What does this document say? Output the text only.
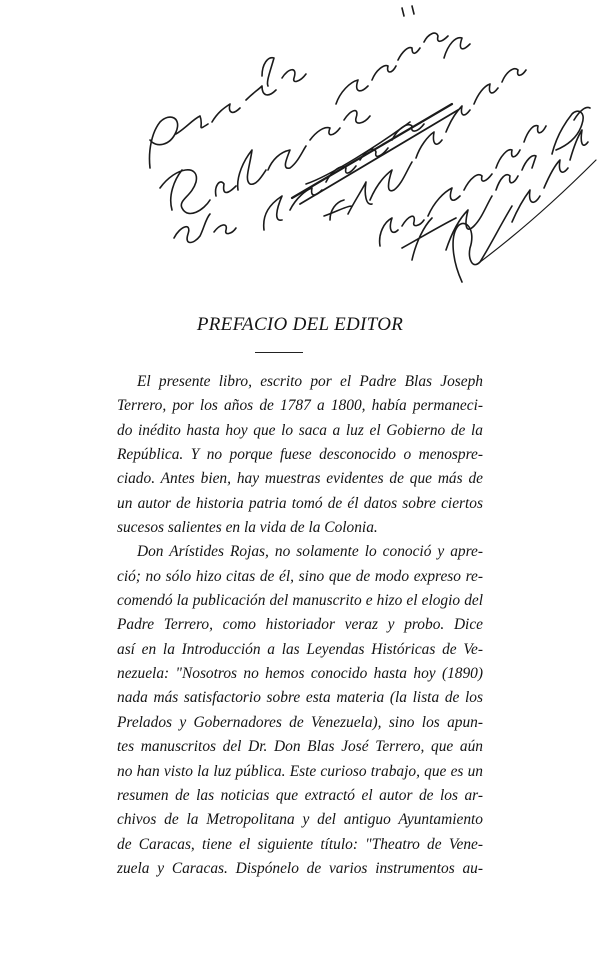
PREFACIO DEL EDITOR
El presente libro, escrito por el Padre Blas Joseph
Terrero, por los años de 1787 a 1800, había permaneci-
do inédito hasta hoy que lo saca a luz el Gobierno de la
República. Y no porque fuese desconocido o menospre-
ciado. Antes bien, hay muestras evidentes de que más de
un autor de historia patria tomó de él datos sobre ciertos
sucesos salientes en la vida de la Colonia.
Don Arístides Rojas, no solamente lo conoció y apre-
ció; no sólo hizo citas de él, sino que de modo expreso re-
comendó la publicación del manuscrito e hizo el elogio del
Padre Terrero, como historiador veraz y probo. Dice
así en la Introducción a las Leyendas Históricas de Ve-
nezuela: "Nosotros no hemos conocido hasta hoy (1890)
nada más satisfactorio sobre esta materia (la lista de los
Prelados y Gobernadores de Venezuela), sino los apun-
tes manuscritos del Dr. Don Blas José Terrero, que aún
no han visto la luz pública. Este curioso trabajo, que es un
resumen de las noticias que extractó el autor de los ar-
chivos de la Metropolitana y del antiguo Ayuntamiento
de Caracas, tiene el siguiente título: "Theatro de Vene-
zuela y Caracas. Dispónelo de varios instrumentos au-
